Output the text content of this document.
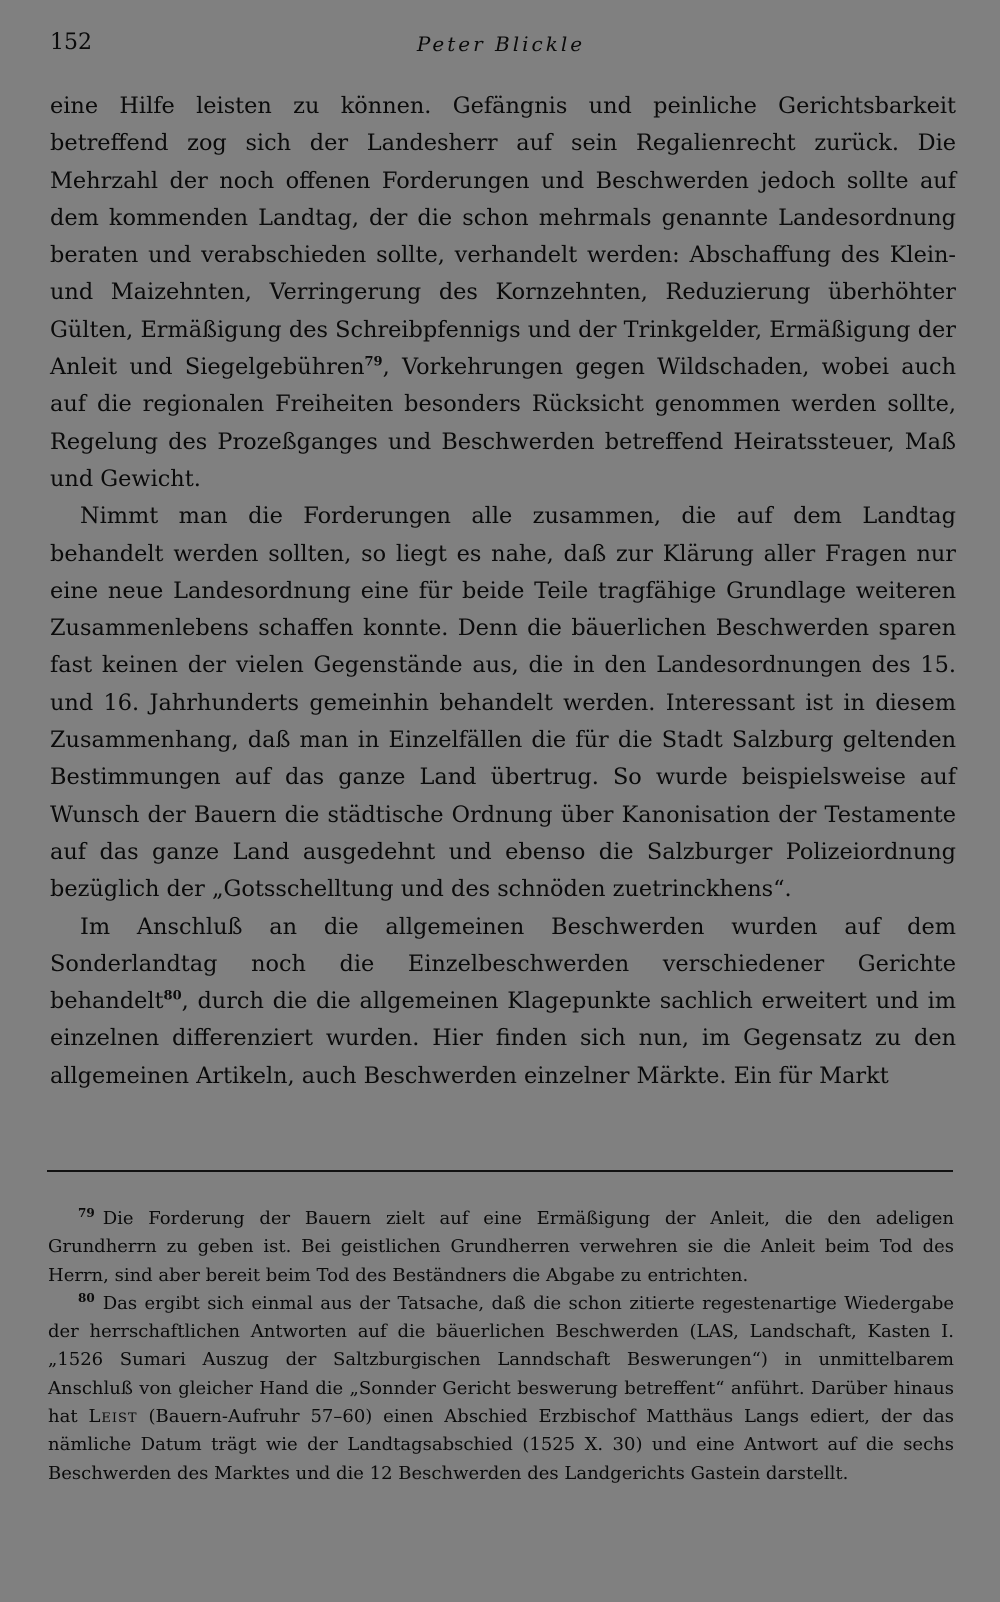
152	Peter Blickle

eine Hilfe leisten zu können. Gefängnis und peinliche Gerichtsbarkeit betreffend zog sich der Landesherr auf sein Regalienrecht zurück. Die Mehrzahl der noch offenen Forderungen und Beschwerden jedoch sollte auf dem kommenden Landtag, der die schon mehrmals genannte Landesordnung beraten und verabschieden sollte, verhandelt werden: Abschaffung des Klein- und Maizehnten, Verringerung des Kornzehnten, Reduzierung überhöhter Gülten, Ermäßigung des Schreibpfennigs und der Trinkgelder, Ermäßigung der Anleit und Siegelgebühren$^{79}$, Vorkehrungen gegen Wildschaden, wobei auch auf die regionalen Freiheiten besonders Rücksicht genommen werden sollte, Regelung des Prozeßganges und Beschwerden betreffend Heiratssteuer, Maß und Gewicht.

Nimmt man die Forderungen alle zusammen, die auf dem Landtag behandelt werden sollten, so liegt es nahe, daß zur Klärung aller Fragen nur eine neue Landesordnung eine für beide Teile tragfähige Grundlage weiteren Zusammenlebens schaffen konnte. Denn die bäuerlichen Beschwerden sparen fast keinen der vielen Gegenstände aus, die in den Landesordnungen des 15. und 16. Jahrhunderts gemeinhin behandelt werden. Interessant ist in diesem Zusammenhang, daß man in Einzelfällen die für die Stadt Salzburg geltenden Bestimmungen auf das ganze Land übertrug. So wurde beispielsweise auf Wunsch der Bauern die städtische Ordnung über Kanonisation der Testamente auf das ganze Land ausgedehnt und ebenso die Salzburger Polizeiordnung bezüglich der „Gotsschelltung und des schnöden zuetrinckhens“.

Im Anschluß an die allgemeinen Beschwerden wurden auf dem Sonderlandtag noch die Einzelbeschwerden verschiedener Gerichte behandelt$^{80}$, durch die die allgemeinen Klagepunkte sachlich erweitert und im einzelnen differenziert wurden. Hier finden sich nun, im Gegensatz zu den allgemeinen Artikeln, auch Beschwerden einzelner Märkte. Ein für Markt

$^{79}$ Die Forderung der Bauern zielt auf eine Ermäßigung der Anleit, die den adeligen Grundherrn zu geben ist. Bei geistlichen Grundherren verwehren sie die Anleit beim Tod des Herrn, sind aber bereit beim Tod des Beständners die Abgabe zu entrichten.

$^{80}$ Das ergibt sich einmal aus der Tatsache, daß die schon zitierte regestenartige Wiedergabe der herrschaftlichen Antworten auf die bäuerlichen Beschwerden (LAS, Landschaft, Kasten I. „1526 Sumari Auszug der Saltzburgischen Lanndschaft Beswerungen“) in unmittelbarem Anschluß von gleicher Hand die „Sonnder Gericht beswerung betreffent“ anführt. Darüber hinaus hat Leist (Bauern-Aufruhr 57–60) einen Abschied Erzbischof Matthäus Langs ediert, der das nämliche Datum trägt wie der Landtagsabschied (1525 X. 30) und eine Antwort auf die sechs Beschwerden des Marktes und die 12 Beschwerden des Landgerichts Gastein darstellt.
